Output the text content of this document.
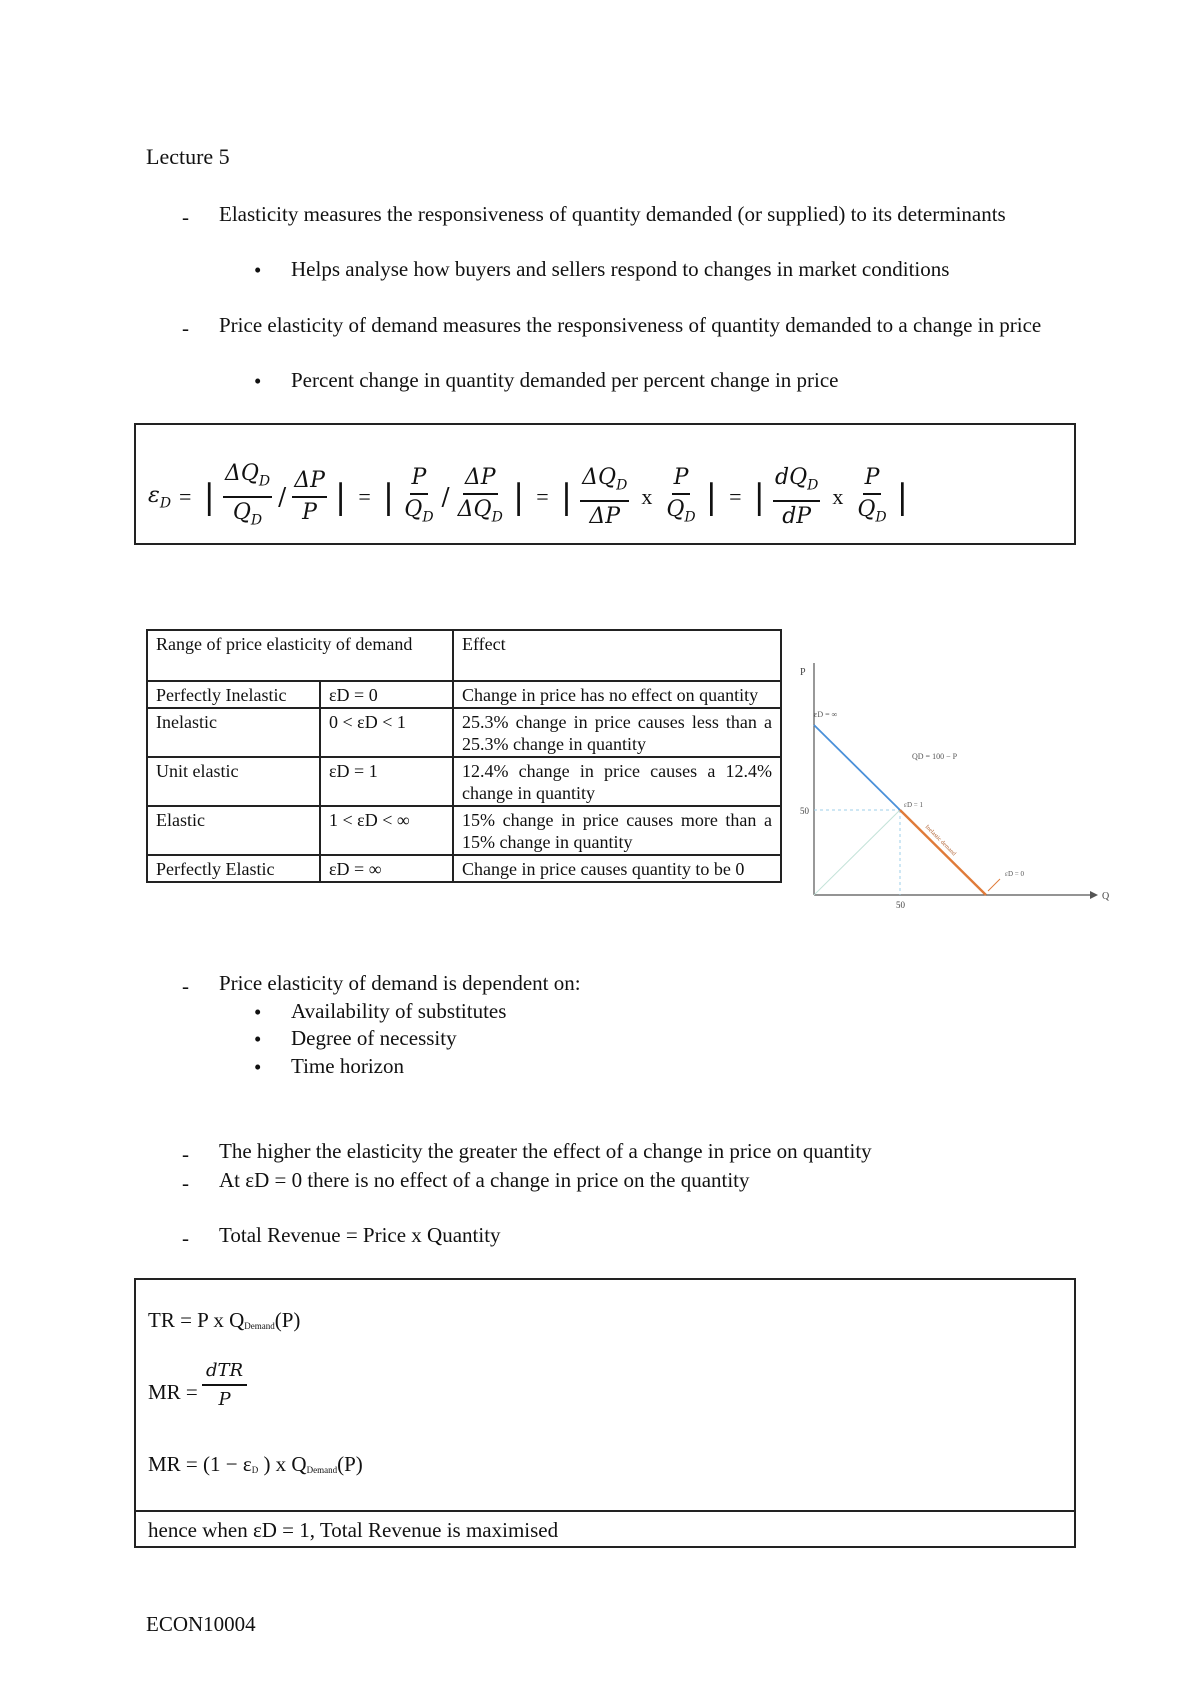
Lecture 5
- Elasticity measures the responsiveness of quantity demanded (or supplied) to its determinants
• Helps analyse how buyers and sellers respond to changes in market conditions
- Price elasticity of demand measures the responsiveness of quantity demanded to a change in price
• Percent change in quantity demanded per percent change in price
$\varepsilon_D$ = | $\frac{\Delta Q_D}{Q_D} / \frac{\Delta P}{P}$ | = | $\frac{P}{Q_D} / \frac{\Delta P}{\Delta Q_D}$ | = | $\frac{\Delta Q_D}{\Delta P}$ x $\frac{P}{Q_D}$ | = | $\frac{dQ_D}{dP}$ x $\frac{P}{Q_D}$ |
Range of price elasticity of demand		Effect
Perfectly Inelastic	εD = 0	Change in price has no effect on quantity
Inelastic	0 < εD < 1	25.3% change in price causes less than a 25.3% change in quantity
Unit elastic	εD = 1	12.4% change in price causes a 12.4% change in quantity
Elastic	1 < εD < ∞	15% change in price causes more than a 15% change in quantity
Perfectly Elastic	εD = ∞	Change in price causes quantity to be 0
P
Q
50
50
εD = ∞
QD = 100 − P
εD = 1
εD = 0
Inelastic demand
- Price elasticity of demand is dependent on:
• Availability of substitutes
• Degree of necessity
• Time horizon
- The higher the elasticity the greater the effect of a change in price on quantity
- At εD = 0 there is no effect of a change in price on the quantity
- Total Revenue = Price x Quantity
TR = P x QDemand(P)
MR =
dTR
P
MR = (1 − εD ) x QDemand(P)
hence when εD = 1, Total Revenue is maximised
ECON10004
